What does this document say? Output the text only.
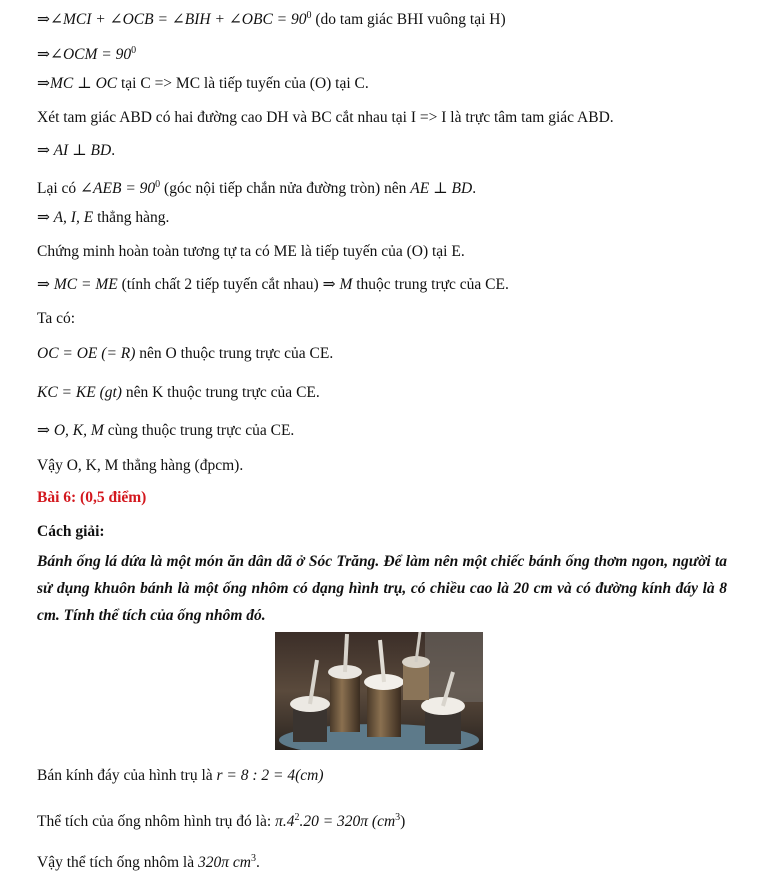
⇒∠MCI + ∠OCB = ∠BIH + ∠OBC = $90^0$ (do tam giác BHI vuông tại H)
⇒∠OCM = $90^0$
⇒MC ⊥ OC tại C => MC là tiếp tuyến của (O) tại C.
Xét tam giác ABD có hai đường cao DH và BC cắt nhau tại I => I là trực tâm tam giác ABD.
⇒ AI ⊥ BD.
Lại có ∠AEB = $90^0$ (góc nội tiếp chắn nửa đường tròn) nên AE ⊥ BD.
⇒ A, I, E thẳng hàng.
Chứng minh hoàn toàn tương tự ta có ME là tiếp tuyến của (O) tại E.
⇒ MC = ME (tính chất 2 tiếp tuyến cắt nhau) ⇒ M thuộc trung trực của CE.
Ta có:
OC = OE (= R) nên O thuộc trung trực của CE.
KC = KE (gt) nên K thuộc trung trực của CE.
⇒ O, K, M cùng thuộc trung trực của CE.
Vậy O, K, M thẳng hàng (đpcm).
Bài 6: (0,5 điểm)
Cách giải:
Bánh ống lá dứa là một món ăn dân dã ở Sóc Trăng. Để làm nên một chiếc bánh ống thơm ngon, người ta sử dụng khuôn bánh là một ống nhôm có dạng hình trụ, có chiều cao là 20 cm và có đường kính đáy là 8 cm. Tính thể tích của ống nhôm đó.
Bán kính đáy của hình trụ là r = 8 : 2 = 4(cm)
Thể tích của ống nhôm hình trụ đó là: $\pi.4^2.20 = 320\pi$ $(cm^3)$
Vậy thể tích ống nhôm là 320π $cm^3$.
